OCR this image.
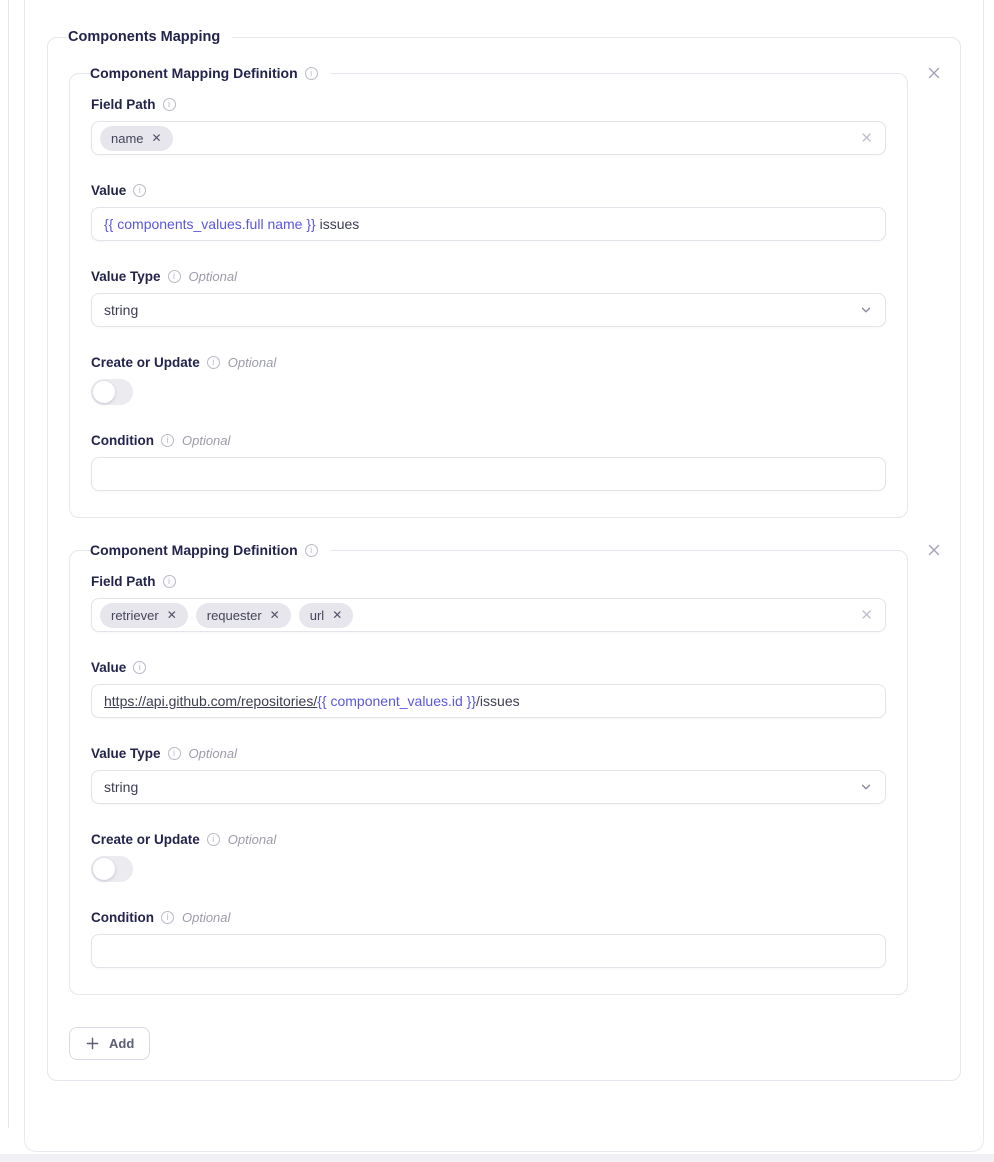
Components Mapping
Component Mapping Definition	i
Field Path	i
name ✕	✕
Value	i
{{ components_values.full name }} issues
Value Type	i	Optional
string
Create or Update	i	Optional
Condition	i	Optional
Component Mapping Definition	i
Field Path	i
retriever ✕ requester ✕ url ✕	✕
Value	i
https://api.github.com/repositories/ {{ component_values.id }} /issues
Value Type	i	Optional
string
Create or Update	i	Optional
Condition	i	Optional
Add
